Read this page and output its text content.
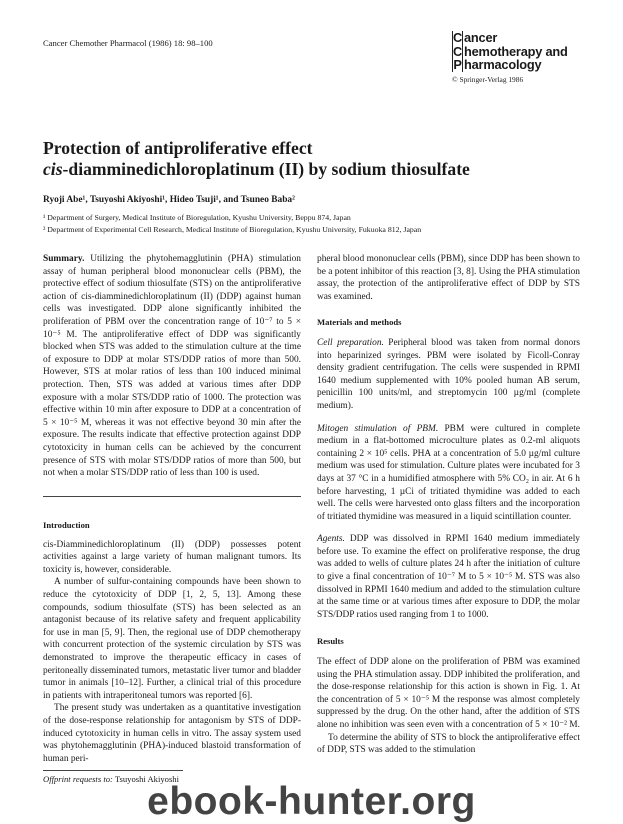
Cancer Chemother Pharmacol (1986) 18: 98–100	C ancer
C hemotherapy and
P harmacology
© Springer-Verlag 1986
Protection of antiproliferative effect
cis-diamminedichloroplatinum (II) by sodium thiosulfate
Ryoji Abe¹, Tsuyoshi Akiyoshi¹, Hideo Tsuji¹, and Tsuneo Baba²
¹ Department of Surgery, Medical Institute of Bioregulation, Kyushu University, Beppu 874, Japan
² Department of Experimental Cell Research, Medical Institute of Bioregulation, Kyushu University, Fukuoka 812, Japan

Summary. Utilizing the phytohemagglutinin (PHA) stimulation assay of human peripheral blood mononuclear cells (PBM), the protective effect of sodium thiosulfate (STS) on the antiproliferative action of cis-diamminedichloroplatinum (II) (DDP) against human cells was investigated. DDP alone significantly inhibited the proliferation of PBM over the concentration range of 10⁻⁷ to 5 × 10⁻⁵ M. The antiproliferative effect of DDP was significantly blocked when STS was added to the stimulation culture at the time of exposure to DDP at molar STS/DDP ratios of more than 500. However, STS at molar ratios of less than 100 induced minimal protection. Then, STS was added at various times after DDP exposure with a molar STS/DDP ratio of 1000. The protection was effective within 10 min after exposure to DDP at a concentration of 5 × 10⁻⁵ M, whereas it was not effective beyond 30 min after the exposure. The results indicate that effective protection against DDP cytotoxicity in human cells can be achieved by the concurrent presence of STS with molar STS/DDP ratios of more than 500, but not when a molar STS/DDP ratio of less than 100 is used.

Introduction

cis-Diamminedichloroplatinum (II) (DDP) possesses potent activities against a large variety of human malignant tumors. Its toxicity is, however, considerable.

A number of sulfur-containing compounds have been shown to reduce the cytotoxicity of DDP [1, 2, 5, 13]. Among these compounds, sodium thiosulfate (STS) has been selected as an antagonist because of its relative safety and frequent applicability for use in man [5, 9]. Then, the regional use of DDP chemotherapy with concurrent protection of the systemic circulation by STS was demonstrated to improve the therapeutic efficacy in cases of peritoneally disseminated tumors, metastatic liver tumor and bladder tumor in animals [10–12]. Further, a clinical trial of this procedure in patients with intraperitoneal tumors was reported [6].

The present study was undertaken as a quantitative investigation of the dose-response relationship for antagonism by STS of DDP-induced cytotoxicity in human cells in vitro. The assay system used was phytohemagglutinin (PHA)-induced blastoid transformation of human peri-

Offprint requests to: Tsuyoshi Akiyoshi

pheral blood mononuclear cells (PBM), since DDP has been shown to be a potent inhibitor of this reaction [3, 8]. Using the PHA stimulation assay, the protection of the antiproliferative effect of DDP by STS was examined.

Materials and methods

Cell preparation. Peripheral blood was taken from normal donors into heparinized syringes. PBM were isolated by Ficoll-Conray density gradient centrifugation. The cells were suspended in RPMI 1640 medium supplemented with 10% pooled human AB serum, penicillin 100 units/ml, and streptomycin 100 µg/ml (complete medium).

Mitogen stimulation of PBM. PBM were cultured in complete medium in a flat-bottomed microculture plates as 0.2-ml aliquots containing 2 × 10⁵ cells. PHA at a concentration of 5.0 µg/ml culture medium was used for stimulation. Culture plates were incubated for 3 days at 37 °C in a humidified atmosphere with 5% CO₂ in air. At 6 h before harvesting, 1 µCi of tritiated thymidine was added to each well. The cells were harvested onto glass filters and the incorporation of tritiated thymidine was measured in a liquid scintillation counter.

Agents. DDP was dissolved in RPMI 1640 medium immediately before use. To examine the effect on proliferative response, the drug was added to wells of culture plates 24 h after the initiation of culture to give a final concentration of 10⁻⁷ M to 5 × 10⁻⁵ M. STS was also dissolved in RPMI 1640 medium and added to the stimulation culture at the same time or at various times after exposure to DDP, the molar STS/DDP ratios used ranging from 1 to 1000.

Results

The effect of DDP alone on the proliferation of PBM was examined using the PHA stimulation assay. DDP inhibited the proliferation, and the dose-response relationship for this action is shown in Fig. 1. At the concentration of 5 × 10⁻⁵ M the response was almost completely suppressed by the drug. On the other hand, after the addition of STS alone no inhibition was seen even with a concentration of 5 × 10⁻² M.

To determine the ability of STS to block the antiproliferative effect of DDP, STS was added to the stimulation

ebook-hunter.org
